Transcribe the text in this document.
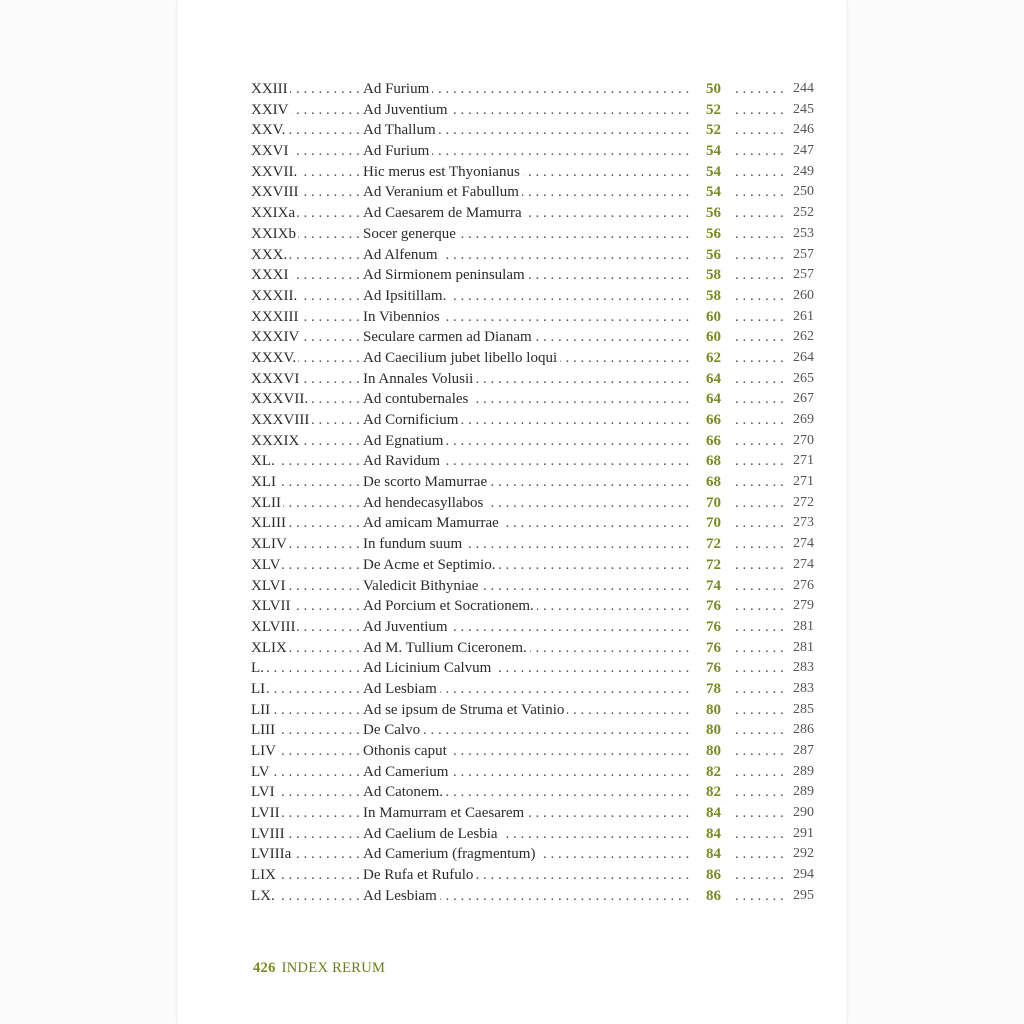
. . .
XXIII . . .	Ad Furium	50 . . .	244
. . .
XXIV . . .	Ad Juventium	52 . . .	245
. . .
XXV. . . .	Ad Thallum	52 . . .	246
. . .
XXVI . . .	Ad Furium	54 . . .	247
. . .
XXVII. . . .	Hic merus est Thyonianus	54 . . .	249
. . .
XXVIII . . .	Ad Veranium et Fabullum	54 . . .	250
. . .
XXIXa . . .	Ad Caesarem de Mamurra	56 . . .	252
. . .
XXIXb . . .	Socer generque	56 . . .	253
. . .
XXX. . . .	Ad Alfenum	56 . . .	257
. . .
XXXI . . .	Ad Sirmionem peninsulam	58 . . .	257
. . .
XXXII. . . .	Ad Ipsitillam.	58 . . .	260
. . .
XXXIII . . .	In Vibennios	60 . . .	261
. . .
XXXIV . . .	Seculare carmen ad Dianam	60 . . .	262
. . .
XXXV. . . .	Ad Caecilium jubet libello loqui	62 . . .	264
. . .
XXXVI . . .	In Annales Volusii	64 . . .	265
. . .
XXXVII. . . .	Ad contubernales	64 . . .	267
. . .
XXXVIII . . .	Ad Cornificium	66 . . .	269
. . .
XXXIX . . .	Ad Egnatium	66 . . .	270
. . .
XL. . . .	Ad Ravidum	68 . . .	271
. . .
XLI . . .	De scorto Mamurrae	68 . . .	271
. . .
XLII . . .	Ad hendecasyllabos	70 . . .	272
. . .
XLIII . . .	Ad amicam Mamurrae	70 . . .	273
. . .
XLIV . . .	In fundum suum	72 . . .	274
. . .
XLV . . .	De Acme et Septimio.	72 . . .	274
. . .
XLVI . . .	Valedicit Bithyniae	74 . . .	276
. . .
XLVII . . .	Ad Porcium et Socrationem.	76 . . .	279
. . .
XLVIII . . .	Ad Juventium	76 . . .	281
. . .
XLIX . . .	Ad M. Tullium Ciceronem.	76 . . .	281
. . .
L. . . .	Ad Licinium Calvum	76 . . .	283
. . .
LI . . .	Ad Lesbiam	78 . . .	283
. . .
LII . . .	Ad se ipsum de Struma et Vatinio	80 . . .	285
. . .
LIII . . .	De Calvo	80 . . .	286
. . .
LIV . . .	Othonis caput	80 . . .	287
. . .
LV . . .	Ad Camerium	82 . . .	289
. . .
LVI . . .	Ad Catonem.	82 . . .	289
. . .
LVII . . .	In Mamurram et Caesarem	84 . . .	290
. . .
LVIII . . .	Ad Caelium de Lesbia	84 . . .	291
. . .
LVIIIa . . .	Ad Camerium (fragmentum)	84 . . .	292
. . .
LIX . . .	De Rufa et Rufulo	86 . . .	294
. . .
LX. . . .	Ad Lesbiam	86 . . .	295
426 INDEX RERUM
